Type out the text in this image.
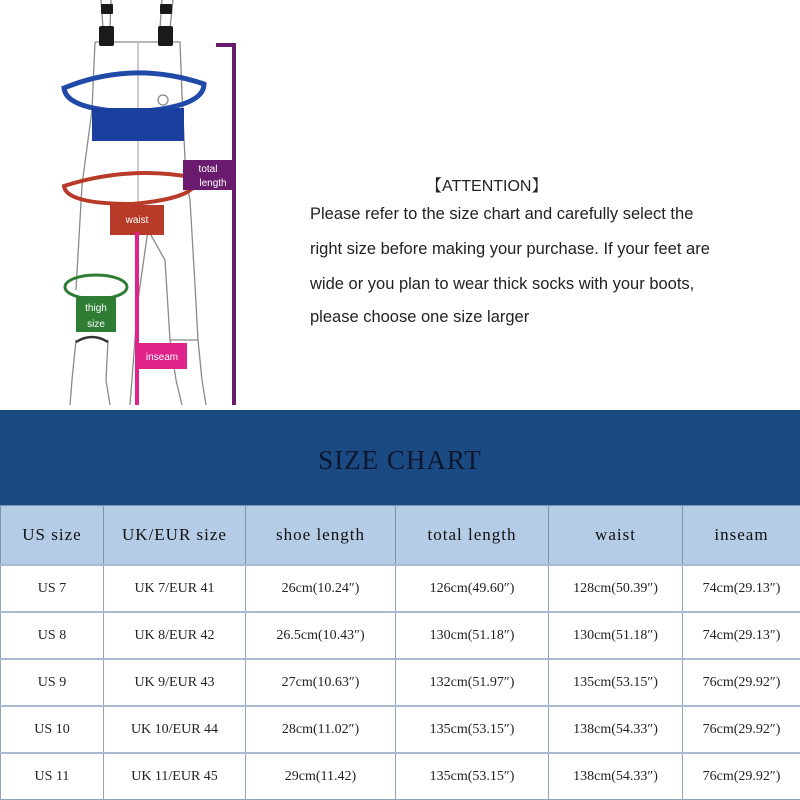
waist
thigh
size
inseam
total
length	【ATTENTION】
Please refer to the size chart and carefully select the
right size before making your purchase. If your feet are
wide or you plan to wear thick socks with your boots,
please choose one size larger
SIZE CHART
US size	UK/EUR size	shoe length	total length	waist	inseam
US 7	UK 7/EUR 41	26cm(10.24″)	126cm(49.60″)	128cm(50.39″)	74cm(29.13″)
US 8	UK 8/EUR 42	26.5cm(10.43″)	130cm(51.18″)	130cm(51.18″)	74cm(29.13″)
US 9	UK 9/EUR 43	27cm(10.63″)	132cm(51.97″)	135cm(53.15″)	76cm(29.92″)
US 10	UK 10/EUR 44	28cm(11.02″)	135cm(53.15″)	138cm(54.33″)	76cm(29.92″)
US 11	UK 11/EUR 45	29cm(11.42)	135cm(53.15″)	138cm(54.33″)	76cm(29.92″)
